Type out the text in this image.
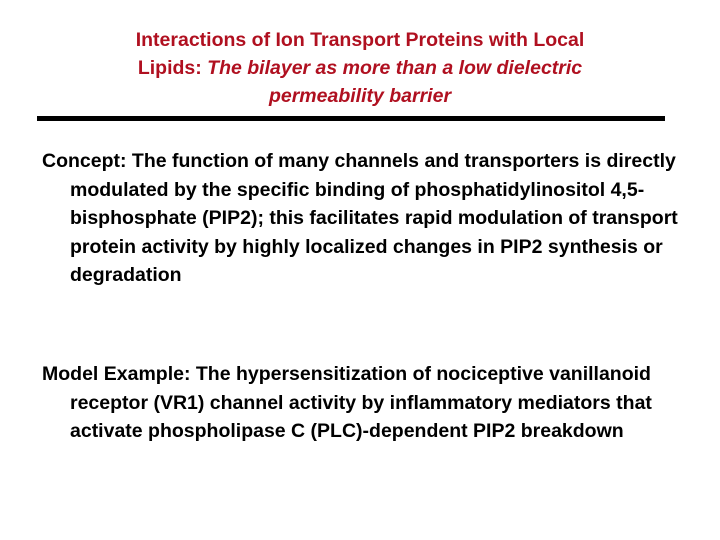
Interactions of Ion Transport Proteins with Local
Lipids: The bilayer as more than a low dielectric
permeability barrier
Concept: The function of many channels and transporters is directly modulated by the specific binding of phosphatidylinositol 4,5-bisphosphate (PIP2); this facilitates rapid modulation of transport protein activity by highly localized changes in PIP2 synthesis or degradation
Model Example: The hypersensitization of nociceptive vanillanoid receptor (VR1) channel activity by inflammatory mediators that activate phospholipase C (PLC)-dependent PIP2 breakdown
